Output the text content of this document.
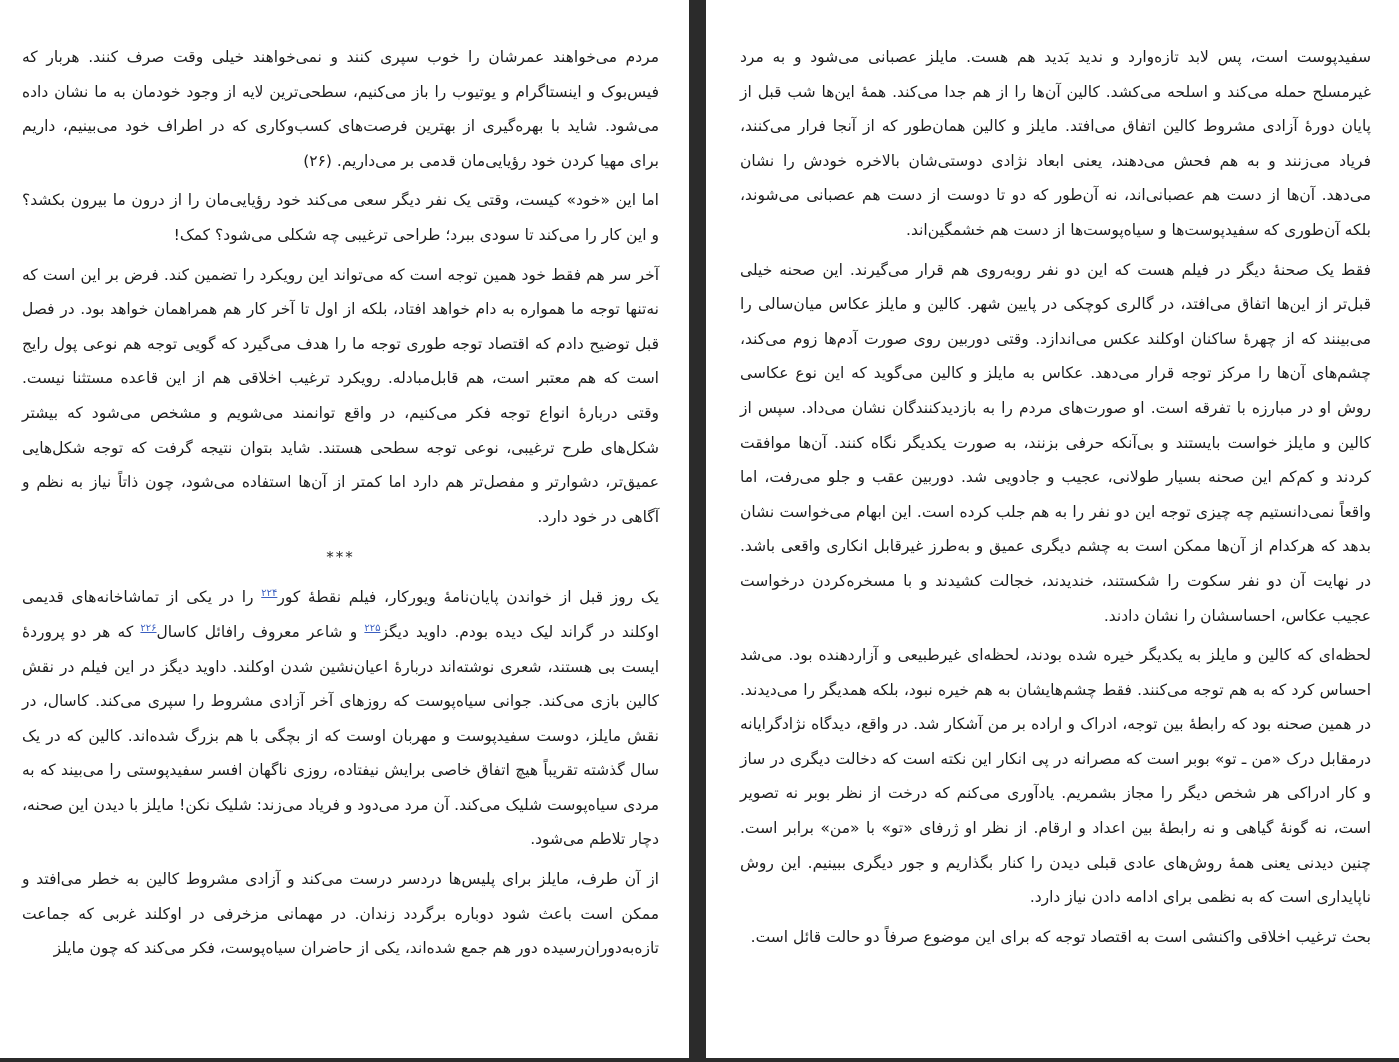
مردم می‌خواهند عمرشان را خوب سپری کنند و نمی‌خواهند خیلی وقت صرف کنند. هربار که فیس‌بوک و اینستاگرام و یوتیوب را باز می‌کنیم، سطحی‌ترین لایه از وجود خودمان به ما نشان داده می‌شود. شاید با بهره‌گیری از بهترین فرصت‌های کسب‌وکاری که در اطراف خود می‌بینیم، داریم برای مهیا کردن خود رؤیایی‌مان قدمی بر می‌داریم. (۲۶)

اما این «خود» کیست، وقتی یک نفر دیگر سعی می‌کند خود رؤیایی‌مان را از درون ما بیرون بکشد؟ و این کار را می‌کند تا سودی ببرد؛ طراحی ترغیبی چه شکلی می‌شود؟ کمک!

آخر سر هم فقط خود همین توجه است که می‌تواند این رویکرد را تضمین کند. فرض بر این است که نه‌تنها توجه ما همواره به دام خواهد افتاد، بلکه از اول تا آخر کار هم همراهمان خواهد بود. در فصل قبل توضیح دادم که اقتصاد توجه طوری توجه ما را هدف می‌گیرد که گویی توجه هم نوعی پول رایج است که هم معتبر است، هم قابل‌مبادله. رویکرد ترغیب اخلاقی هم از این قاعده مستثنا نیست. وقتی دربارهٔ انواع توجه فکر می‌کنیم، در واقع توانمند می‌شویم و مشخص می‌شود که بیشتر شکل‌های طرح ترغیبی، نوعی توجه سطحی هستند. شاید بتوان نتیجه گرفت که توجه شکل‌هایی عمیق‌تر، دشوارتر و مفصل‌تر هم دارد اما کمتر از آن‌ها استفاده می‌شود، چون ذاتاً نیاز به نظم و آگاهی در خود دارد.

***

یک روز قبل از خواندن پایان‌نامهٔ ویورکار، فیلم نقطهٔ کور$^{۲۲۴}$ را در یکی از تماشاخانه‌های قدیمی اوکلند در گراند لیک دیده بودم. داوید دیگز$^{۲۲۵}$ و شاعر معروف رافائل کاسال$^{۲۲۶}$ که هر دو پروردهٔ ایست بی هستند، شعری نوشته‌اند دربارهٔ اعیان‌نشین شدن اوکلند. داوید دیگز در این فیلم در نقش کالین بازی می‌کند. جوانی سیاه‌پوست که روزهای آخر آزادی مشروط را سپری می‌کند. کاسال، در نقش مایلز، دوست سفیدپوست و مهربان اوست که از بچگی با هم بزرگ شده‌اند. کالین که در یک سال گذشته تقریباً هیچ اتفاق خاصی برایش نیفتاده، روزی ناگهان افسر سفیدپوستی را می‌بیند که به مردی سیاه‌پوست شلیک می‌کند. آن مرد می‌دود و فریاد می‌زند: شلیک نکن! مایلز با دیدن این صحنه، دچار تلاطم می‌شود.

از آن طرف، مایلز برای پلیس‌ها دردسر درست می‌کند و آزادی مشروط کالین به خطر می‌افتد و ممکن است باعث شود دوباره برگردد زندان. در مهمانی مزخرفی در اوکلند غربی که جماعت تازه‌به‌دوران‌رسیده دور هم جمع شده‌اند، یکی از حاضران سیاه‌پوست، فکر می‌کند که چون مایلز

سفیدپوست است، پس لابد تازه‌وارد و ندید بَدید هم هست. مایلز عصبانی می‌شود و به مرد غیرمسلح حمله می‌کند و اسلحه می‌کشد. کالین آن‌ها را از هم جدا می‌کند. همهٔ این‌ها شب قبل از پایان دورهٔ آزادی مشروط کالین اتفاق می‌افتد. مایلز و کالین همان‌طور که از آنجا فرار می‌کنند، فریاد می‌زنند و به هم فحش می‌دهند، یعنی ابعاد نژادی دوستی‌شان بالاخره خودش را نشان می‌دهد. آن‌ها از دست هم عصبانی‌اند، نه آن‌طور که دو تا دوست از دست هم عصبانی می‌شوند، بلکه آن‌طوری که سفیدپوست‌ها و سیاه‌پوست‌ها از دست هم خشمگین‌اند.

فقط یک صحنهٔ دیگر در فیلم هست که این دو نفر روبه‌روی هم قرار می‌گیرند. این صحنه خیلی قبل‌تر از این‌ها اتفاق می‌افتد، در گالری کوچکی در پایین شهر. کالین و مایلز عکاس میان‌سالی را می‌بینند که از چهرهٔ ساکنان اوکلند عکس می‌اندازد. وقتی دوربین روی صورت آدم‌ها زوم می‌کند، چشم‌های آن‌ها را مرکز توجه قرار می‌دهد. عکاس به مایلز و کالین می‌گوید که این نوع عکاسی روش او در مبارزه با تفرقه است. او صورت‌های مردم را به بازدیدکنندگان نشان می‌داد. سپس از کالین و مایلز خواست بایستند و بی‌آنکه حرفی بزنند، به صورت یکدیگر نگاه کنند. آن‌ها موافقت کردند و کم‌کم این صحنه بسیار طولانی، عجیب و جادویی شد. دوربین عقب و جلو می‌رفت، اما واقعاً نمی‌دانستیم چه چیزی توجه این دو نفر را به هم جلب کرده است. این ابهام می‌خواست نشان بدهد که هرکدام از آن‌ها ممکن است به چشم دیگری عمیق و به‌طرز غیرقابل انکاری واقعی باشد. در نهایت آن دو نفر سکوت را شکستند، خندیدند، خجالت کشیدند و با مسخره‌کردن درخواست عجیب عکاس، احساسشان را نشان دادند.

لحظه‌ای که کالین و مایلز به یکدیگر خیره شده بودند، لحظه‌ای غیرطبیعی و آزاردهنده بود. می‌شد احساس کرد که به هم توجه می‌کنند. فقط چشم‌هایشان به هم خیره نبود، بلکه همدیگر را می‌دیدند. در همین صحنه بود که رابطهٔ بین توجه، ادراک و اراده بر من آشکار شد. در واقع، دیدگاه نژادگرایانه درمقابل درک «من ـ تو» بوبر است که مصرانه در پی انکار این نکته است که دخالت دیگری در ساز و کار ادراکی هر شخص دیگر را مجاز بشمریم. یادآوری می‌کنم که درخت از نظر بوبر نه تصویر است، نه گونهٔ گیاهی و نه رابطهٔ بین اعداد و ارقام. از نظر او ژرفای «تو» با «من» برابر است. چنین دیدنی یعنی همهٔ روش‌های عادی قبلی دیدن را کنار بگذاریم و جور دیگری ببینیم. این روش ناپایداری است که به نظمی برای ادامه دادن نیاز دارد.

بحث ترغیب اخلاقی واکنشی است به اقتصاد توجه که برای این موضوع صرفاً دو حالت قائل است.
